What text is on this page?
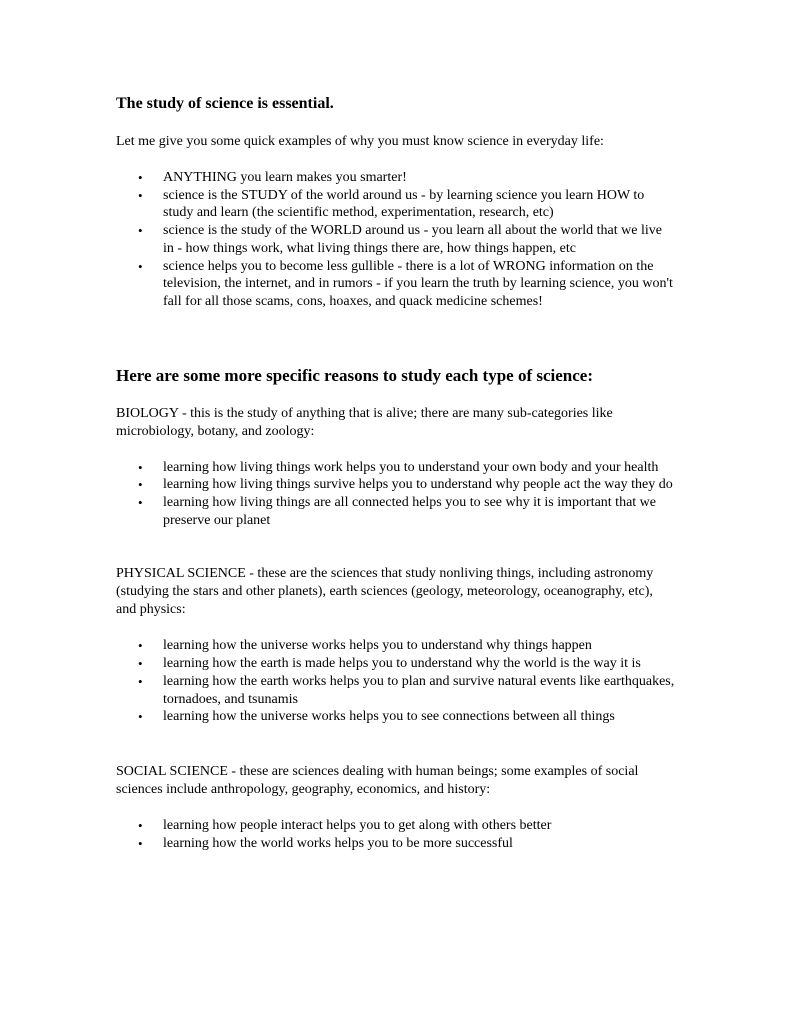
The study of science is essential.

Let me give you some quick examples of why you must know science in everyday life:

• ANYTHING you learn makes you smarter!
• science is the STUDY of the world around us - by learning science you learn HOW to study and learn (the scientific method, experimentation, research, etc)
• science is the study of the WORLD around us - you learn all about the world that we live in - how things work, what living things there are, how things happen, etc
• science helps you to become less gullible - there is a lot of WRONG information on the television, the internet, and in rumors - if you learn the truth by learning science, you won't fall for all those scams, cons, hoaxes, and quack medicine schemes!
Here are some more specific reasons to study each type of science:

BIOLOGY - this is the study of anything that is alive; there are many sub-categories like microbiology, botany, and zoology:

• learning how living things work helps you to understand your own body and your health
• learning how living things survive helps you to understand why people act the way they do
• learning how living things are all connected helps you to see why it is important that we preserve our planet

PHYSICAL SCIENCE - these are the sciences that study nonliving things, including astronomy (studying the stars and other planets), earth sciences (geology, meteorology, oceanography, etc), and physics:

• learning how the universe works helps you to understand why things happen
• learning how the earth is made helps you to understand why the world is the way it is
• learning how the earth works helps you to plan and survive natural events like earthquakes, tornadoes, and tsunamis
• learning how the universe works helps you to see connections between all things

SOCIAL SCIENCE - these are sciences dealing with human beings; some examples of social sciences include anthropology, geography, economics, and history:

• learning how people interact helps you to get along with others better
• learning how the world works helps you to be more successful
